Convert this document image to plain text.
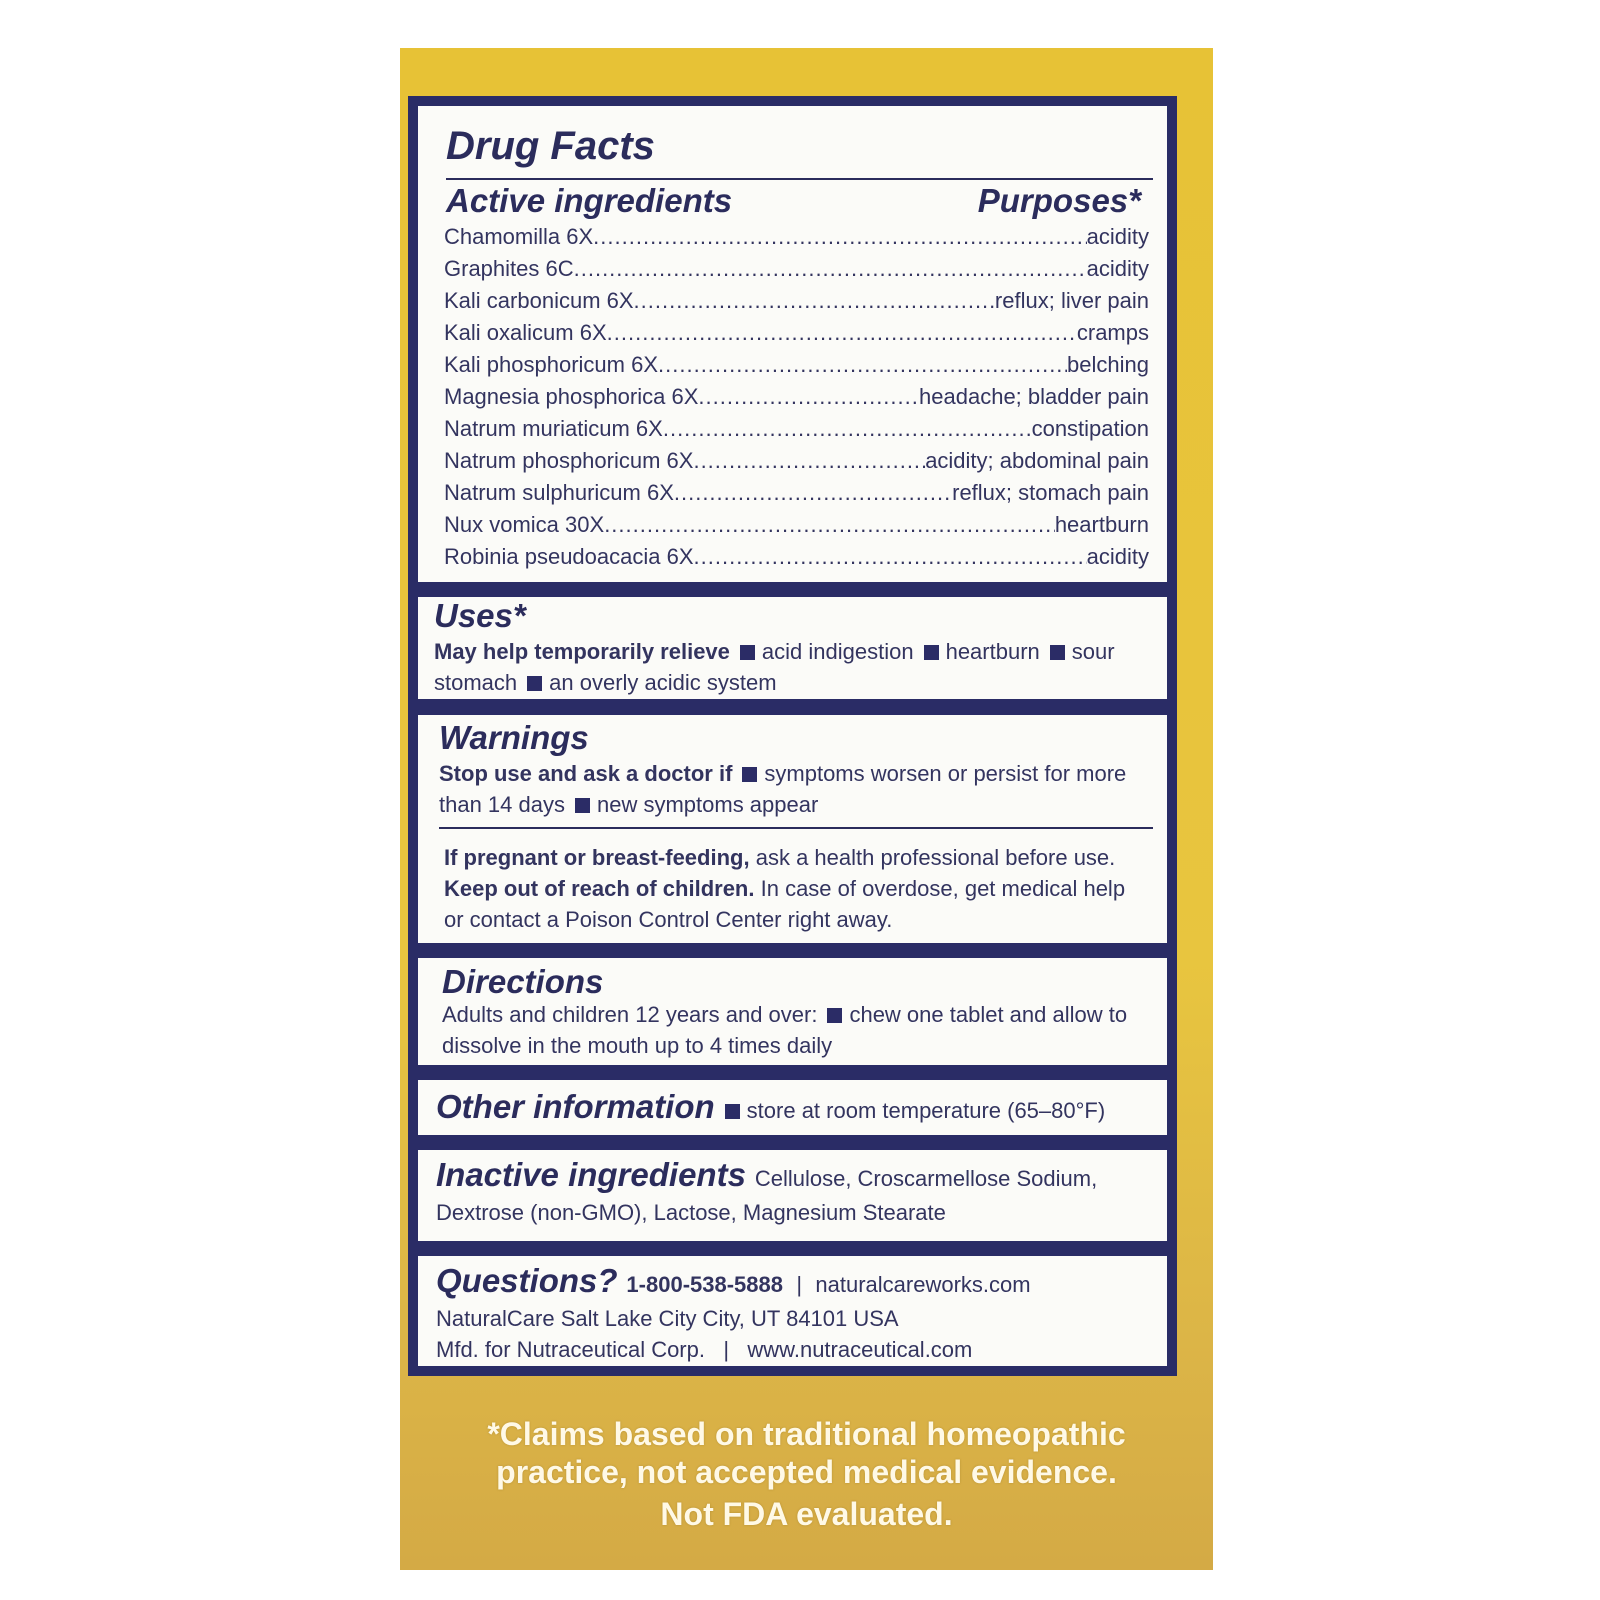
Drug Facts
Active ingredients	Purposes*
Chamomilla 6X .....	acidity
Graphites 6C .....	acidity
Kali carbonicum 6X .....	reflux; liver pain
Kali oxalicum 6X .....	cramps
Kali phosphoricum 6X .....	belching
Magnesia phosphorica 6X .....	headache; bladder pain
Natrum muriaticum 6X .....	constipation
Natrum phosphoricum 6X .....	acidity; abdominal pain
Natrum sulphuricum 6X .....	reflux; stomach pain
Nux vomica 30X .....	heartburn
Robinia pseudoacacia 6X .....	acidity
Uses*
May help temporarily relieve acid indigestion heartburn sour
stomach an overly acidic system
Warnings
Stop use and ask a doctor if symptoms worsen or persist for more
than 14 days new symptoms appear
If pregnant or breast-feeding, ask a health professional before use.
Keep out of reach of children. In case of overdose, get medical help
or contact a Poison Control Center right away.
Directions
Adults and children 12 years and over: chew one tablet and allow to
dissolve in the mouth up to 4 times daily
Other information store at room temperature (65–80°F)
Inactive ingredients Cellulose, Croscarmellose Sodium,
Dextrose (non-GMO), Lactose, Magnesium Stearate
Questions? 1-800-538-5888 | naturalcareworks.com
NaturalCare Salt Lake City City, UT 84101 USA
Mfd. for Nutraceutical Corp. | www.nutraceutical.com
*Claims based on traditional homeopathic
practice, not accepted medical evidence.
Not FDA evaluated.
